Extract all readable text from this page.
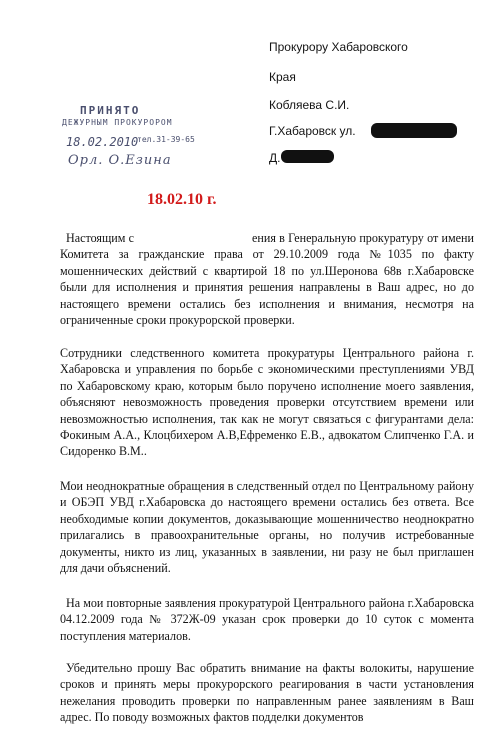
Прокурору Хабаровского
Края
Кобляева С.И.
Г.Хабаровск ул.
Д.
ПРИНЯТО
ДЕЖУРНЫМ ПРОКУРОРОМ
18.02.2010
тел.31-39-65
Орл. О.Езина
18.02.10 г.
Настоящим с	ения в Генеральную прокуратуру от имени Комитета за гражданские права от 29.10.2009 года №1035 по факту мошеннических действий с квартирой 18 по ул.Шеронова 68в г.Хабаровске были для исполнения и принятия решения направлены в Ваш адрес, но до настоящего времени остались без исполнения и внимания, несмотря на ограниченные сроки прокурорской проверки.
Сотрудники следственного комитета прокуратуры Центрального района г. Хабаровска и управления по борьбе с экономическими преступлениями УВД по Хабаровскому краю, которым было поручено исполнение моего заявления, объясняют невозможность проведения проверки отсутствием времени или невозможностью исполнения, так как не могут связаться с фигурантами дела: Фокиным А.А., Клоцбихером А.В,Ефременко Е.В., адвокатом Слипченко Г.А. и Сидоренко В.М..
Мои неоднократные обращения в следственный отдел по Центральному району и ОБЭП УВД г.Хабаровска до настоящего времени остались без ответа. Все необходимые копии документов, доказывающие мошенничество неоднократно прилагались в правоохранительные органы, но получив истребованные документы, никто из лиц, указанных в заявлении, ни разу не был приглашен для дачи объяснений.
На мои повторные заявления прокуратурой Центрального района г.Хабаровска 04.12.2009 года № 372Ж-09 указан срок проверки до 10 суток с момента поступления материалов.
Убедительно прошу Вас обратить внимание на факты волокиты, нарушение сроков и принять меры прокурорского реагирования в части установления нежелания проводить проверки по направленным ранее заявлениям в Ваш адрес. По поводу возможных фактов подделки документов
